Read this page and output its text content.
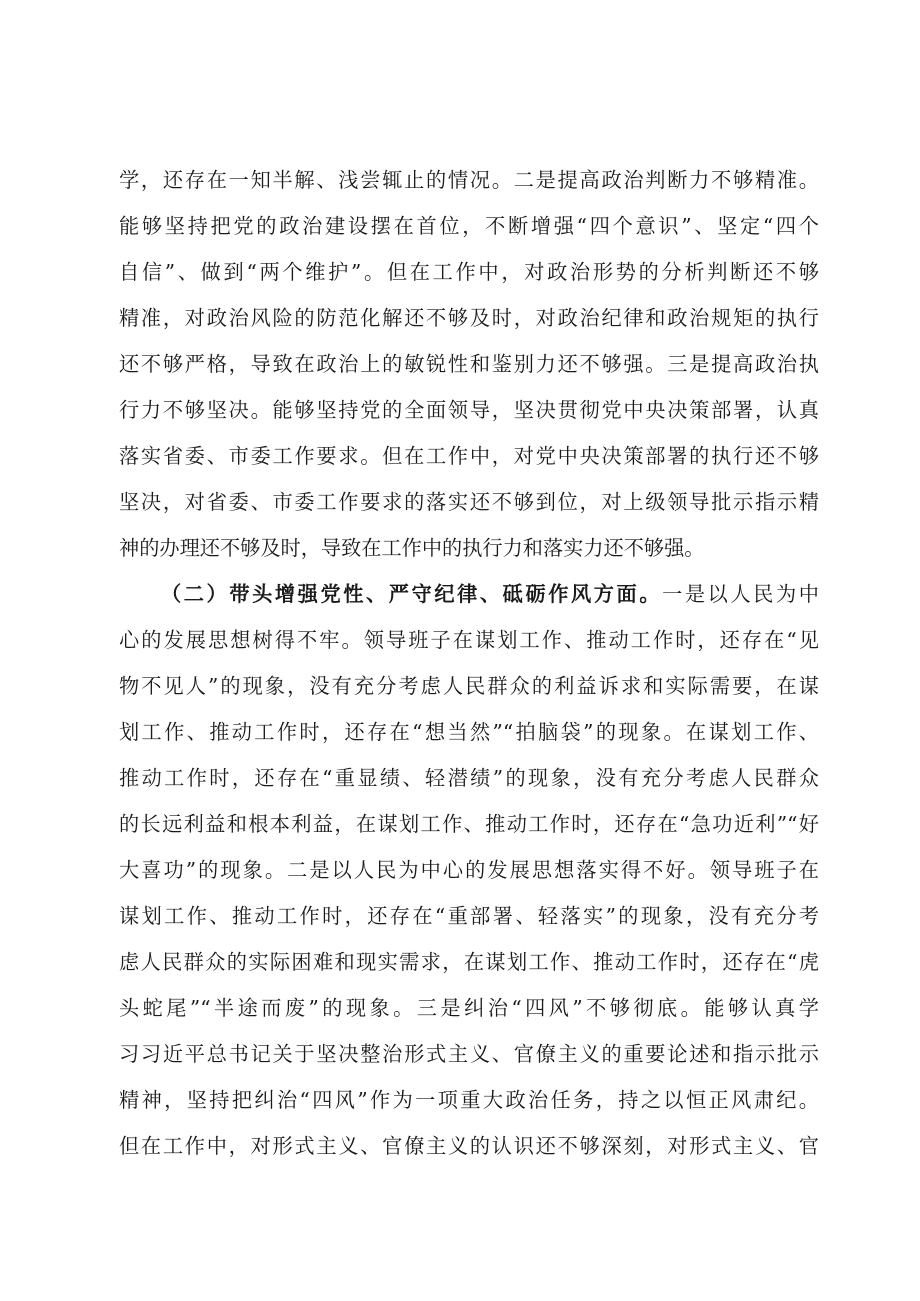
学，还存在一知半解、浅尝辄止的情况。二是提高政治判断力不够精准。
能够坚持把党的政治建设摆在首位，不断增强“四个意识”、坚定“四个
自信”、做到“两个维护”。但在工作中，对政治形势的分析判断还不够
精准，对政治风险的防范化解还不够及时，对政治纪律和政治规矩的执行
还不够严格，导致在政治上的敏锐性和鉴别力还不够强。三是提高政治执
行力不够坚决。能够坚持党的全面领导，坚决贯彻党中央决策部署，认真
落实省委、市委工作要求。但在工作中，对党中央决策部署的执行还不够
坚决，对省委、市委工作要求的落实还不够到位，对上级领导批示指示精
神的办理还不够及时，导致在工作中的执行力和落实力还不够强。
（二）带头增强党性、严守纪律、砥砺作风方面。一是以人民为中
心的发展思想树得不牢。领导班子在谋划工作、推动工作时，还存在“见
物不见人”的现象，没有充分考虑人民群众的利益诉求和实际需要，在谋
划工作、推动工作时，还存在“想当然”“拍脑袋”的现象。在谋划工作、
推动工作时，还存在“重显绩、轻潜绩”的现象，没有充分考虑人民群众
的长远利益和根本利益，在谋划工作、推动工作时，还存在“急功近利”“好
大喜功”的现象。二是以人民为中心的发展思想落实得不好。领导班子在
谋划工作、推动工作时，还存在“重部署、轻落实”的现象，没有充分考
虑人民群众的实际困难和现实需求，在谋划工作、推动工作时，还存在“虎
头蛇尾”“半途而废”的现象。三是纠治“四风”不够彻底。能够认真学
习习近平总书记关于坚决整治形式主义、官僚主义的重要论述和指示批示
精神，坚持把纠治“四风”作为一项重大政治任务，持之以恒正风肃纪。
但在工作中，对形式主义、官僚主义的认识还不够深刻，对形式主义、官
